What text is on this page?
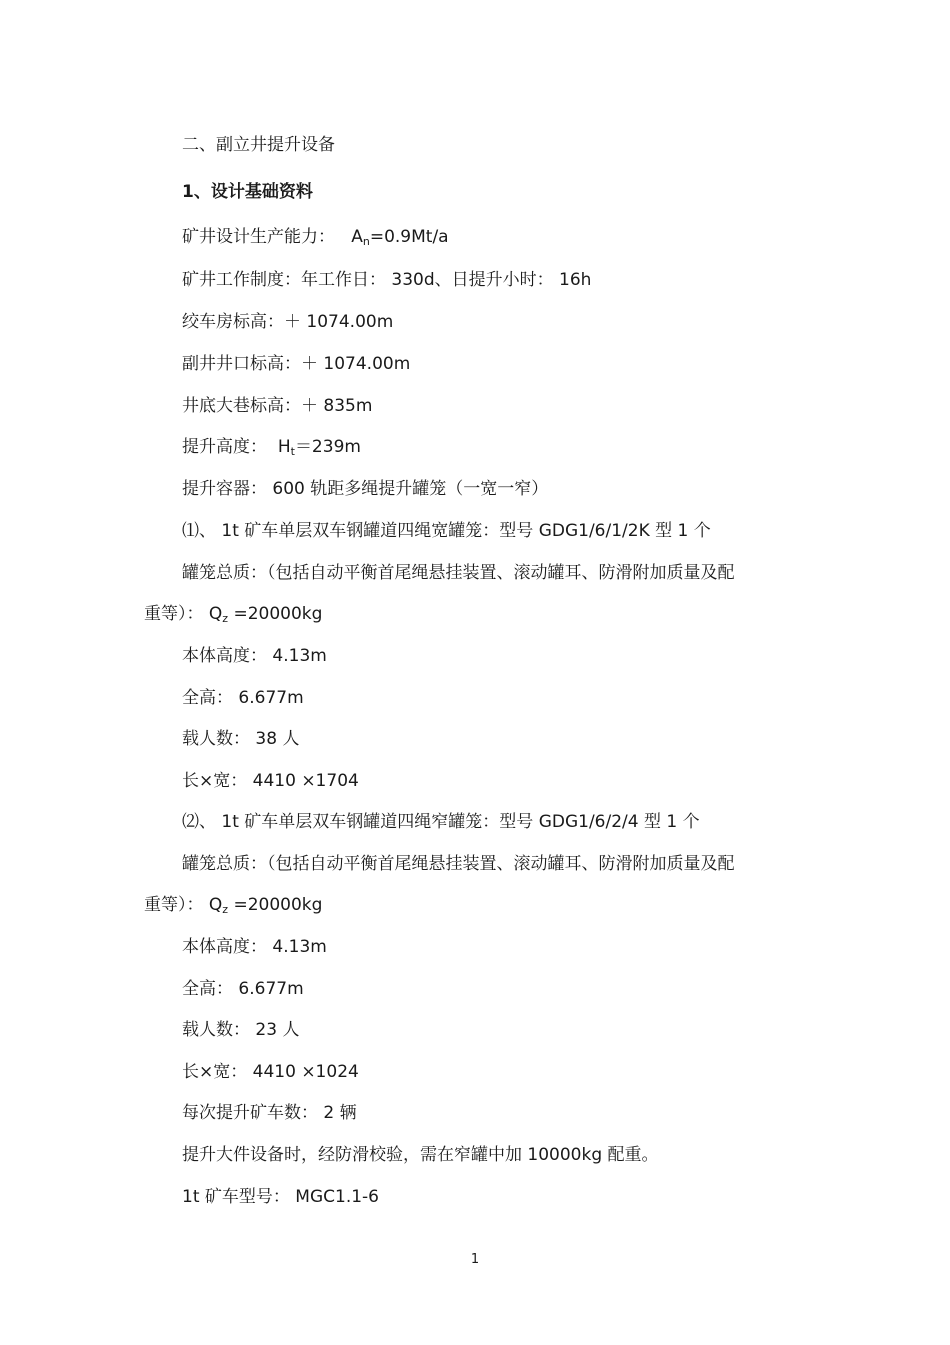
二、副立井提升设备
1、设计基础资料
矿井设计生产能力： An=0.9Mt/a
矿井工作制度：年工作日： 330d、日提升小时： 16h
绞车房标高：＋ 1074.00m
副井井口标高：＋ 1074.00m
井底大巷标高：＋ 835m
提升高度： Ht＝239m
提升容器： 600 轨距多绳提升罐笼（一宽一窄）
⑴、 1t 矿车单层双车钢罐道四绳宽罐笼：型号 GDG1/6/1/2K 型 1 个
罐笼总质：（包括自动平衡首尾绳悬挂装置、滚动罐耳、防滑附加质量及配
重等）： Qz =20000kg
本体高度： 4.13m
全高： 6.677m
载人数： 38 人
长×宽： 4410 ×1704
⑵、 1t 矿车单层双车钢罐道四绳窄罐笼：型号 GDG1/6/2/4 型 1 个
罐笼总质：（包括自动平衡首尾绳悬挂装置、滚动罐耳、防滑附加质量及配
重等）： Qz =20000kg
本体高度： 4.13m
全高： 6.677m
载人数： 23 人
长×宽： 4410 ×1024
每次提升矿车数： 2 辆
提升大件设备时，经防滑校验，需在窄罐中加 10000kg 配重。
1t 矿车型号： MGC1.1-6
1
